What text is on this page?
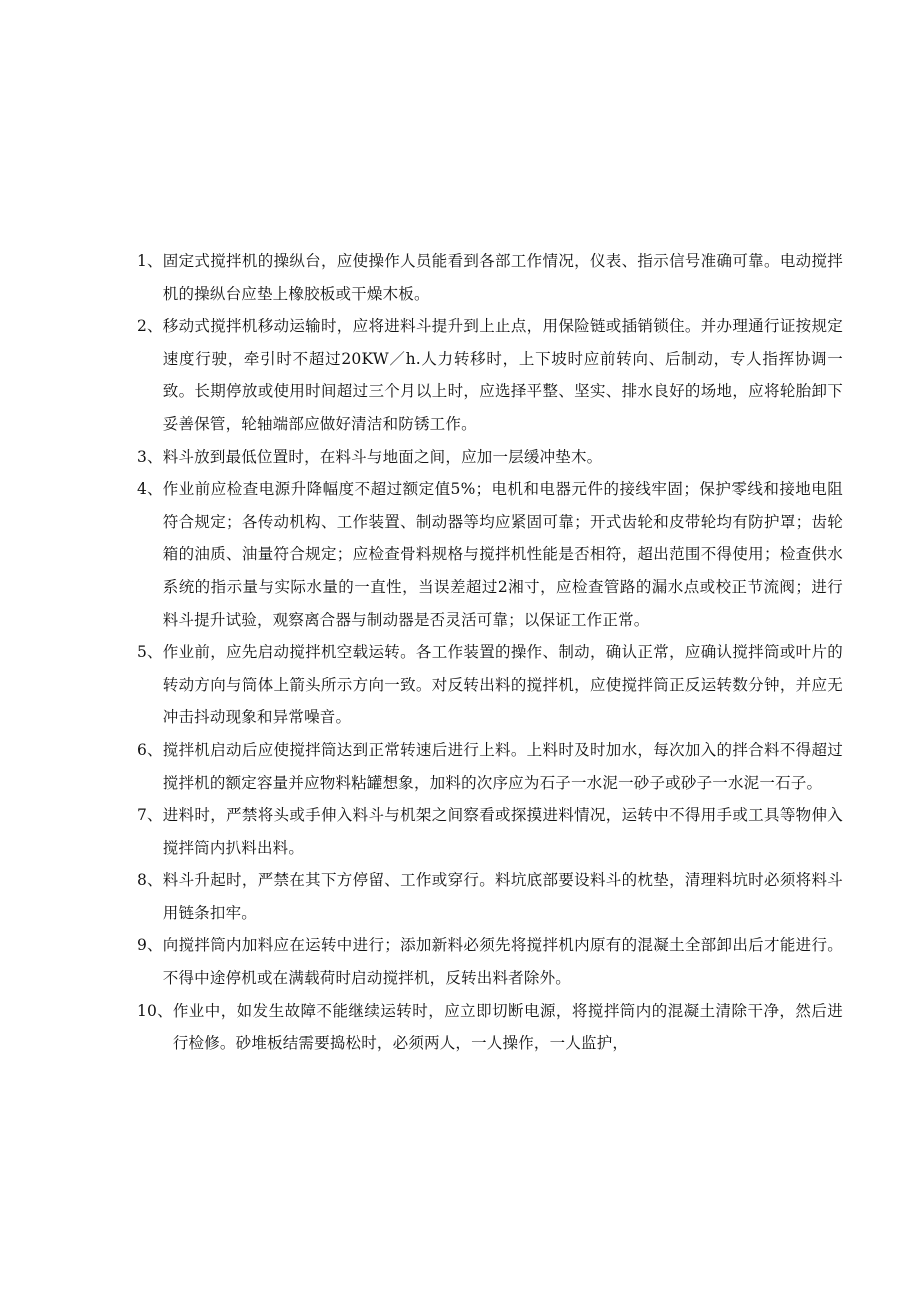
1、 固定式搅拌机的操纵台，应使操作人员能看到各部工作情况，仪表、指示信号准确可靠。电动搅拌机的操纵台应垫上橡胶板或干燥木板。
2、 移动式搅拌机移动运输时，应将进料斗提升到上止点，用保险链或插销锁住。并办理通行证按规定速度行驶，牵引时不超过20KW／h.人力转移时，上下坡时应前转向、后制动，专人指挥协调一致。长期停放或使用时间超过三个月以上时，应选择平整、坚实、排水良好的场地，应将轮胎卸下妥善保管，轮轴端部应做好清洁和防锈工作。
3、 料斗放到最低位置时，在料斗与地面之间，应加一层缓冲垫木。
4、 作业前应检查电源升降幅度不超过额定值5%；电机和电器元件的接线牢固；保护零线和接地电阻符合规定；各传动机构、工作装置、制动器等均应紧固可靠；开式齿轮和皮带轮均有防护罩；齿轮箱的油质、油量符合规定；应检查骨料规格与搅拌机性能是否相符，超出范围不得使用；检查供水系统的指示量与实际水量的一直性，当误差超过2湘寸，应检查管路的漏水点或校正节流阀；进行料斗提升试验，观察离合器与制动器是否灵活可靠；以保证工作正常。
5、 作业前，应先启动搅拌机空载运转。各工作装置的操作、制动，确认正常，应确认搅拌筒或叶片的转动方向与筒体上箭头所示方向一致。对反转出料的搅拌机，应使搅拌筒正反运转数分钟，并应无冲击抖动现象和异常噪音。
6、 搅拌机启动后应使搅拌筒达到正常转速后进行上料。上料时及时加水，每次加入的拌合料不得超过搅拌机的额定容量并应物料粘罐想象，加料的次序应为石子一水泥一砂子或砂子一水泥一石子。
7、 进料时，严禁将头或手伸入料斗与机架之间察看或探摸进料情况，运转中不得用手或工具等物伸入搅拌筒内扒料出料。
8、 料斗升起时，严禁在其下方停留、工作或穿行。料坑底部要设料斗的枕垫，清理料坑时必须将料斗用链条扣牢。
9、 向搅拌筒内加料应在运转中进行；添加新料必须先将搅拌机内原有的混凝土全部卸出后才能进行。不得中途停机或在满载荷时启动搅拌机，反转出料者除外。
10、 作业中，如发生故障不能继续运转时，应立即切断电源，将搅拌筒内的混凝土清除干净，然后进行检修。砂堆板结需要捣松时，必须两人，一人操作，一人监护，
